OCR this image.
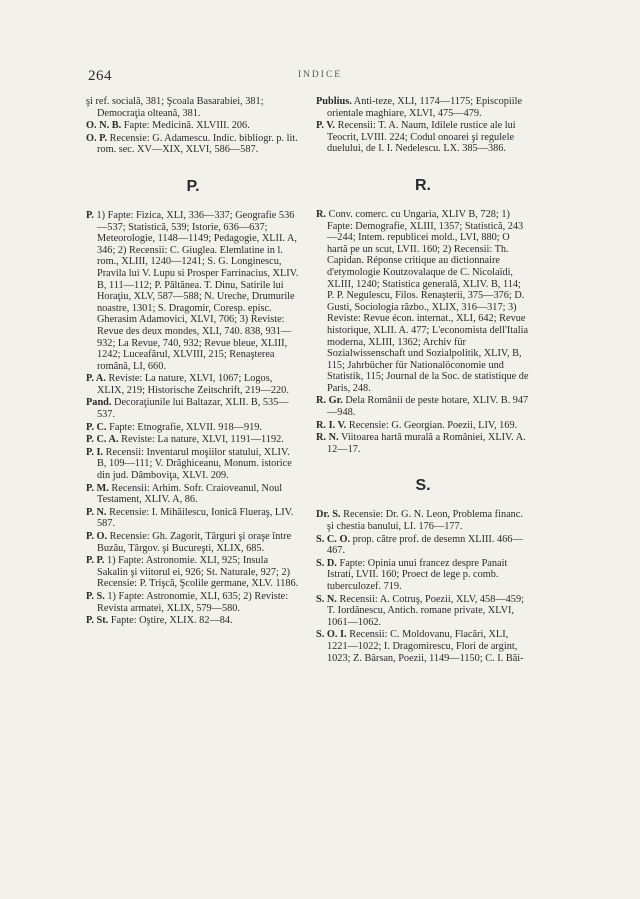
264	INDICE
şi ref. socială, 381; Şcoala Basarabiei, 381; Democraţia olteană, 381.
O. N. B. Fapte: Medicină. XLVIII. 206.
O. P. Recensie: G. Adamescu. Indic. bibliogr. p. lit. rom. sec. XV—XIX, XLVI, 586—587.
P.
P. 1) Fapte: Fizica, XLI, 336—337; Geografie 536—537; Statistică, 539; Istorie, 636—637; Meteorologie, 1148—1149; Pedagogie, XLII. A, 346; 2) Recensii: C. Giuglea. Elemlatine in l. rom., XLIII, 1240—1241; S. G. Longinescu, Pravila lui V. Lupu si Prosper Farrinacius, XLIV. B, 111—112; P. Păltănea. T. Dinu, Satirile lui Horaţiu, XLV, 587—588; N. Ureche, Drumurile noastre, 1301; S. Dragomir, Coresp. episc. Gherasim Adamovici, XLVI, 706; 3) Reviste: Revue des deux mondes, XLI, 740. 838, 931—932; La Revue, 740, 932; Revue bleue, XLIII, 1242; Luceafărul, XLVIII, 215; Renaşterea română, LI, 660.
P. A. Reviste: La nature, XLVI, 1067; Logos, XLIX, 219; Historische Zeitschrift, 219—220.
Pand. Decoraţiunile lui Baltazar, XLII. B, 535—537.
P. C. Fapte: Etnografie, XLVII. 918—919.
P. C. A. Reviste: La nature, XLVI, 1191—1192.
P. I. Recensii: Inventarul moşiilor statului, XLIV. B, 109—111; V. Drăghiceanu, Monum. istorice din jud. Dâmboviţa, XLVI. 209.
P. M. Recensii: Arhim. Sofr. Craioveanul, Noul Testament, XLIV. A, 86.
P. N. Recensie: I. Mihăilescu, Ionică Flueraş, LIV. 587.
P. O. Recensie: Gh. Zagorit, Târguri şi oraşe între Buzău, Târgov. şi Bucureşti, XLIX, 685.
P. P. 1) Fapte: Astronomie. XLI, 925; Insula Sakalin şi viitorul ei, 926; St. Naturale, 927; 2) Recensie: P. Trişcă, Şcolile germane, XLV. 1186.
P. S. 1) Fapte: Astronomie, XLI, 635; 2) Reviste: Revista armatei, XLIX, 579—580.
P. St. Fapte: Oştire, XLIX. 82—84.
Publius. Anti-teze, XLI, 1174—1175; Episcopiile orientale maghiare, XLVI, 475—479.
P. V. Recensii: T. A. Naum, Idilele rustice ale lui Teocrit, LVIII. 224; Codul onoarei şi regulele duelului, de I. I. Nedelescu. LX. 385—386.
R.
R. Conv. comerc. cu Ungaria, XLIV B, 728; 1) Fapte: Demografie, XLIII, 1357; Statistică, 243—244; Intem. republicei mold., LVI, 880; O hartă pe un scut, LVII. 160; 2) Recensii: Th. Capidan. Réponse critique au dictionnaire d'etymologie Koutzovalaque de C. Nicolaïdi, XLIII, 1240; Statistica generală, XLIV. B, 114; P. P. Negulescu, Filos. Renaşterii, 375—376; D. Gusti, Sociologia războ., XLIX, 316—317; 3) Reviste: Revue écon. internat., XLI, 642; Revue historique, XLII. A. 477; L'economista dell'Italia moderna, XLIII, 1362; Archiv für Sozialwissenschaft und Sozialpolitik, XLIV, B, 115; Jahrbücher für Nationalöconomie und Statistik, 115; Journal de la Soc. de statistique de Paris, 248.
R. Gr. Dela Românii de peste hotare, XLIV. B. 947—948.
R. I. V. Recensie: G. Georgian. Poezii, LIV, 169.
R. N. Viitoarea hartă murală a României, XLIV. A. 12—17.
S.
Dr. S. Recensie: Dr. G. N. Leon, Problema financ. şi chestia banului, LI. 176—177.
S. C. O. prop. către prof. de desemn XLIII. 466—467.
S. D. Fapte: Opinia unui francez despre Panait Istrati, LVII. 160; Proect de lege p. comb. tuberculozef. 719.
S. N. Recensii: A. Cotruş, Poezii, XLV, 458—459; T. Iordănescu, Antich. romane private, XLVI, 1061—1062.
S. O. I. Recensii: C. Moldovanu, Flacări, XLI, 1221—1022; I. Dragomirescu, Flori de argint, 1023; Z. Bârsan, Poezii, 1149—1150; C. I. Băi-
